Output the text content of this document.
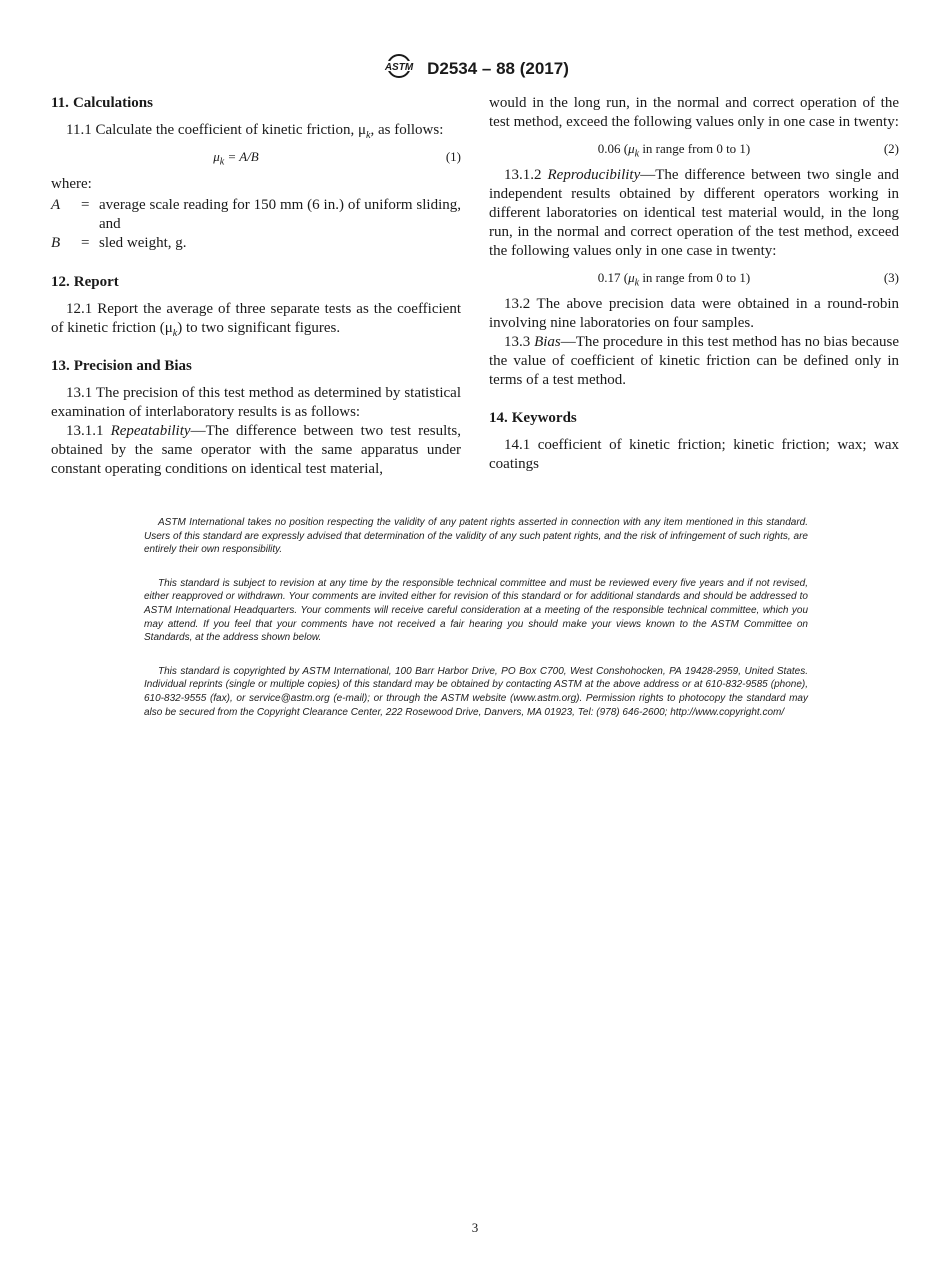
ASTM D2534 – 88 (2017)
11. Calculations

11.1 Calculate the coefficient of kinetic friction, $\mu_k$, as follows:

$\mu_k = A/B$	(1)
where:
A	= average scale reading for 150 mm (6 in.) of uniform sliding, and
B	= sled weight, g.
12. Report

12.1 Report the average of three separate tests as the coefficient of kinetic friction $(\mu_k)$ to two significant figures.

13. Precision and Bias

13.1 The precision of this test method as determined by statistical examination of interlaboratory results is as follows:

13.1.1 Repeatability—The difference between two test results, obtained by the same operator with the same apparatus under constant operating conditions on identical test material,

would in the long run, in the normal and correct operation of the test method, exceed the following values only in one case in twenty:

0.06 ($\mu_k$ in range from 0 to 1)	(2)

13.1.2 Reproducibility—The difference between two single and independent results obtained by different operators working in different laboratories on identical test material would, in the long run, in the normal and correct operation of the test method, exceed the following values only in one case in twenty:

0.17 ($\mu_k$ in range from 0 to 1)	(3)

13.2 The above precision data were obtained in a round-robin involving nine laboratories on four samples.

13.3 Bias—The procedure in this test method has no bias because the value of coefficient of kinetic friction can be defined only in terms of a test method.

14. Keywords

14.1 coefficient of kinetic friction; kinetic friction; wax; wax coatings

ASTM International takes no position respecting the validity of any patent rights asserted in connection with any item mentioned in this standard. Users of this standard are expressly advised that determination of the validity of any such patent rights, and the risk of infringement of such rights, are entirely their own responsibility.

This standard is subject to revision at any time by the responsible technical committee and must be reviewed every five years and if not revised, either reapproved or withdrawn. Your comments are invited either for revision of this standard or for additional standards and should be addressed to ASTM International Headquarters. Your comments will receive careful consideration at a meeting of the responsible technical committee, which you may attend. If you feel that your comments have not received a fair hearing you should make your views known to the ASTM Committee on Standards, at the address shown below.

This standard is copyrighted by ASTM International, 100 Barr Harbor Drive, PO Box C700, West Conshohocken, PA 19428-2959, United States. Individual reprints (single or multiple copies) of this standard may be obtained by contacting ASTM at the above address or at 610-832-9585 (phone), 610-832-9555 (fax), or service@astm.org (e-mail); or through the ASTM website (www.astm.org). Permission rights to photocopy the standard may also be secured from the Copyright Clearance Center, 222 Rosewood Drive, Danvers, MA 01923, Tel: (978) 646-2600; http://www.copyright.com/

3
